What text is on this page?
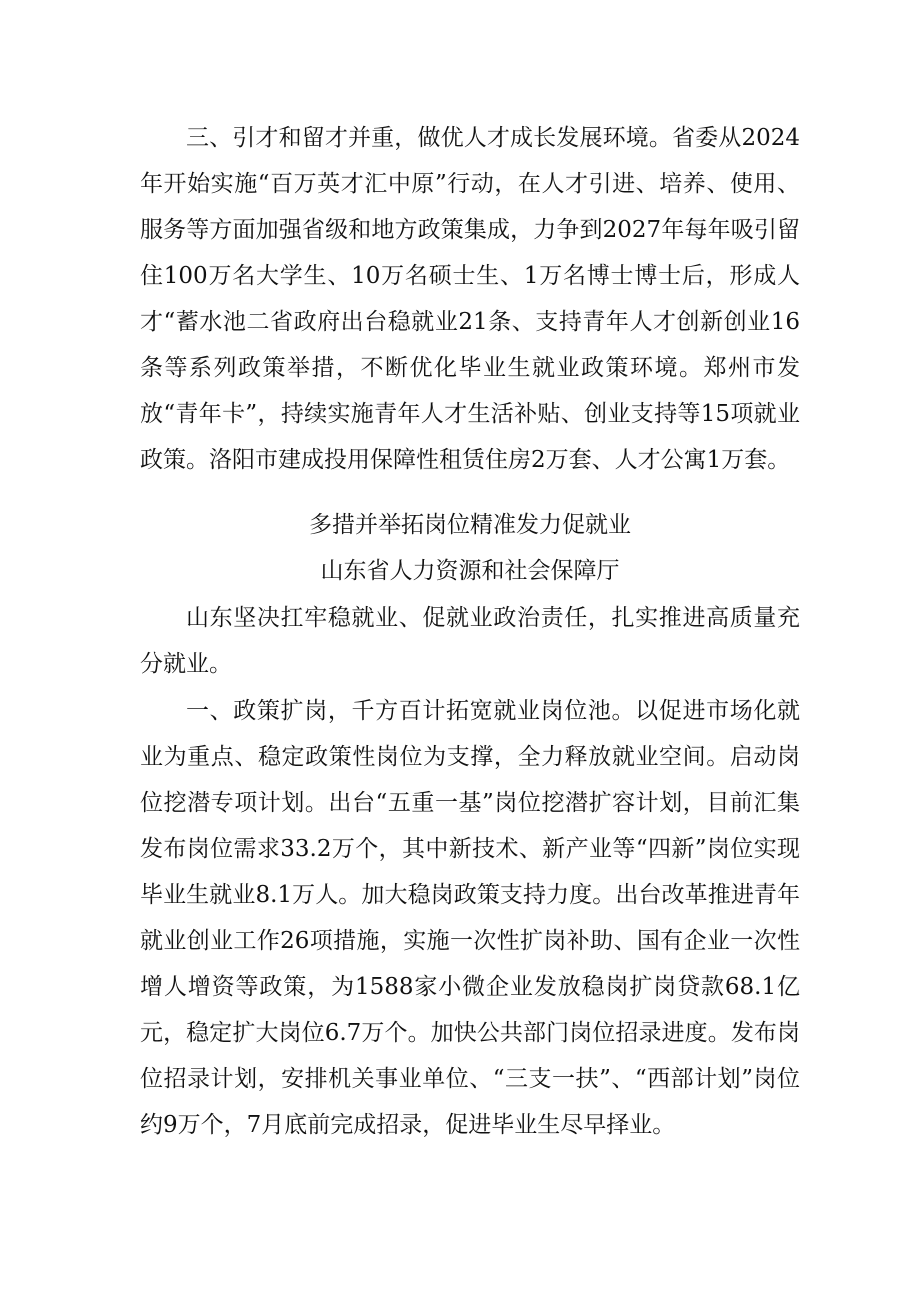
三、引才和留才并重，做优人才成长发展环境。省委从2024年开始实施“百万英才汇中原”行动，在人才引进、培养、使用、服务等方面加强省级和地方政策集成，力争到2027年每年吸引留住100万名大学生、10万名硕士生、1万名博士博士后，形成人才“蓄水池二省政府出台稳就业21条、支持青年人才创新创业16条等系列政策举措，不断优化毕业生就业政策环境。郑州市发放“青年卡”，持续实施青年人才生活补贴、创业支持等15项就业政策。洛阳市建成投用保障性租赁住房2万套、人才公寓1万套。

多措并举拓岗位精准发力促就业

山东省人力资源和社会保障厅

山东坚决扛牢稳就业、促就业政治责任，扎实推进高质量充分就业。

一、政策扩岗，千方百计拓宽就业岗位池。以促进市场化就业为重点、稳定政策性岗位为支撑，全力释放就业空间。启动岗位挖潜专项计划。出台“五重一基”岗位挖潜扩容计划，目前汇集发布岗位需求33.2万个，其中新技术、新产业等“四新”岗位实现毕业生就业8.1万人。加大稳岗政策支持力度。出台改革推进青年就业创业工作26项措施，实施一次性扩岗补助、国有企业一次性增人增资等政策，为1588家小微企业发放稳岗扩岗贷款68.1亿元，稳定扩大岗位6.7万个。加快公共部门岗位招录进度。发布岗位招录计划，安排机关事业单位、“三支一扶”、“西部计划”岗位约9万个，7月底前完成招录，促进毕业生尽早择业。
